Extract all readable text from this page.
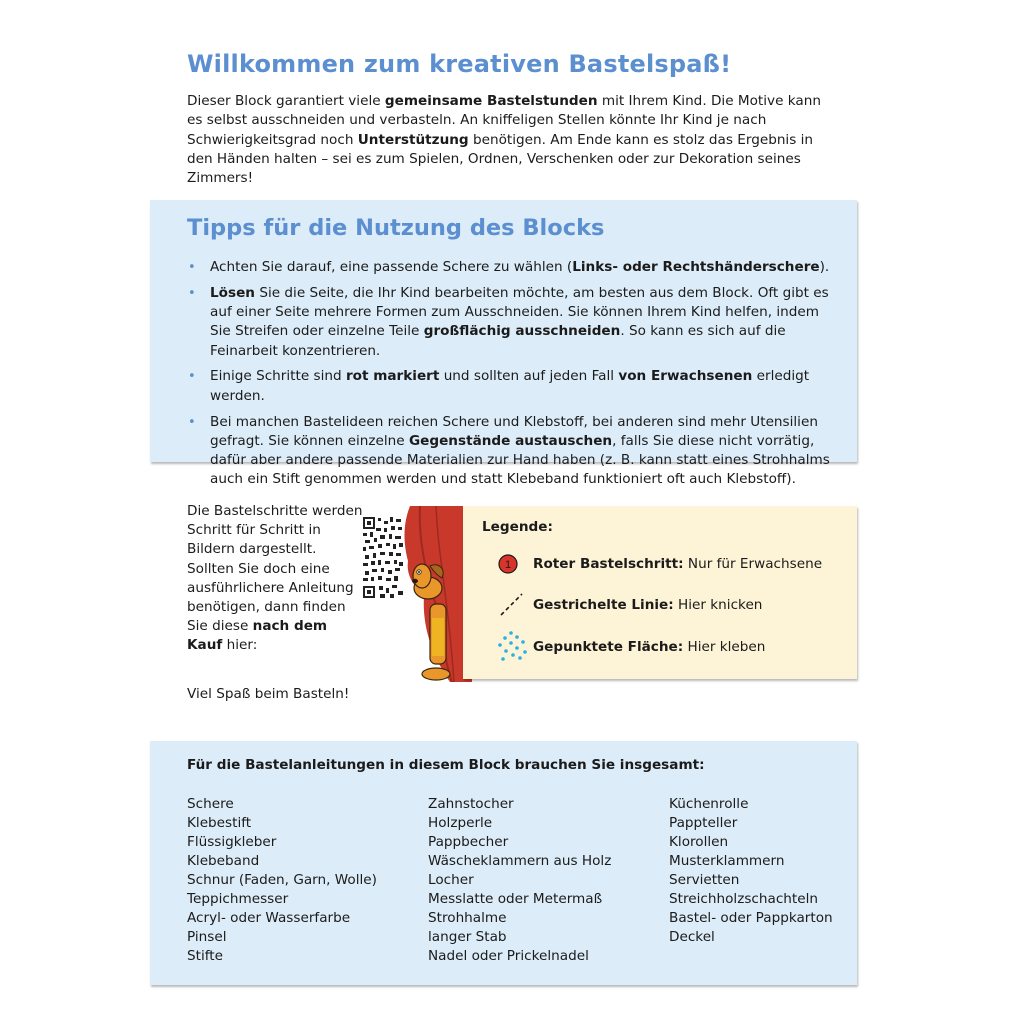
Willkommen zum kreativen Bastelspaß!

Dieser Block garantiert viele gemeinsame Bastelstunden mit Ihrem Kind. Die Motive kann es selbst ausschneiden und verbasteln. An kniffeligen Stellen könnte Ihr Kind je nach Schwierigkeitsgrad noch Unterstützung benötigen. Am Ende kann es stolz das Ergebnis in den Händen halten – sei es zum Spielen, Ordnen, Verschenken oder zur Dekoration seines Zimmers!

Tipps für die Nutzung des Blocks
• Achten Sie darauf, eine passende Schere zu wählen (Links- oder Rechtshänderschere).
• Lösen Sie die Seite, die Ihr Kind bearbeiten möchte, am besten aus dem Block. Oft gibt es auf einer Seite mehrere Formen zum Ausschneiden. Sie können Ihrem Kind helfen, indem Sie Streifen oder einzelne Teile großflächig ausschneiden. So kann es sich auf die Feinarbeit konzentrieren.
• Einige Schritte sind rot markiert und sollten auf jeden Fall von Erwachsenen erledigt werden.
• Bei manchen Bastelideen reichen Schere und Klebstoff, bei anderen sind mehr Utensilien gefragt. Sie können einzelne Gegenstände austauschen, falls Sie diese nicht vorrätig, dafür aber andere passende Materialien zur Hand haben (z. B. kann statt eines Strohhalms auch ein Stift genommen werden und statt Klebeband funktioniert oft auch Klebstoff).

Die Bastelschritte werden Schritt für Schritt in Bildern dargestellt. Sollten Sie doch eine ausführlichere Anleitung benötigen, dann finden Sie diese nach dem Kauf hier:

Legende:
1 Roter Bastelschritt: Nur für Erwachsene
Gestrichelte Linie: Hier knicken
Gepunktete Fläche: Hier kleben
Viel Spaß beim Basteln!
Für die Bastelanleitungen in diesem Block brauchen Sie insgesamt:
Schere
Klebestift
Flüssigkleber
Klebeband
Schnur (Faden, Garn, Wolle)
Teppichmesser
Acryl- oder Wasserfarbe
Pinsel
Stifte
Zahnstocher
Holzperle
Pappbecher
Wäscheklammern aus Holz
Locher
Messlatte oder Metermaß
Strohhalme
langer Stab
Nadel oder Prickelnadel
Küchenrolle
Pappteller
Klorollen
Musterklammern
Servietten
Streichholzschachteln
Bastel- oder Pappkarton
Deckel
